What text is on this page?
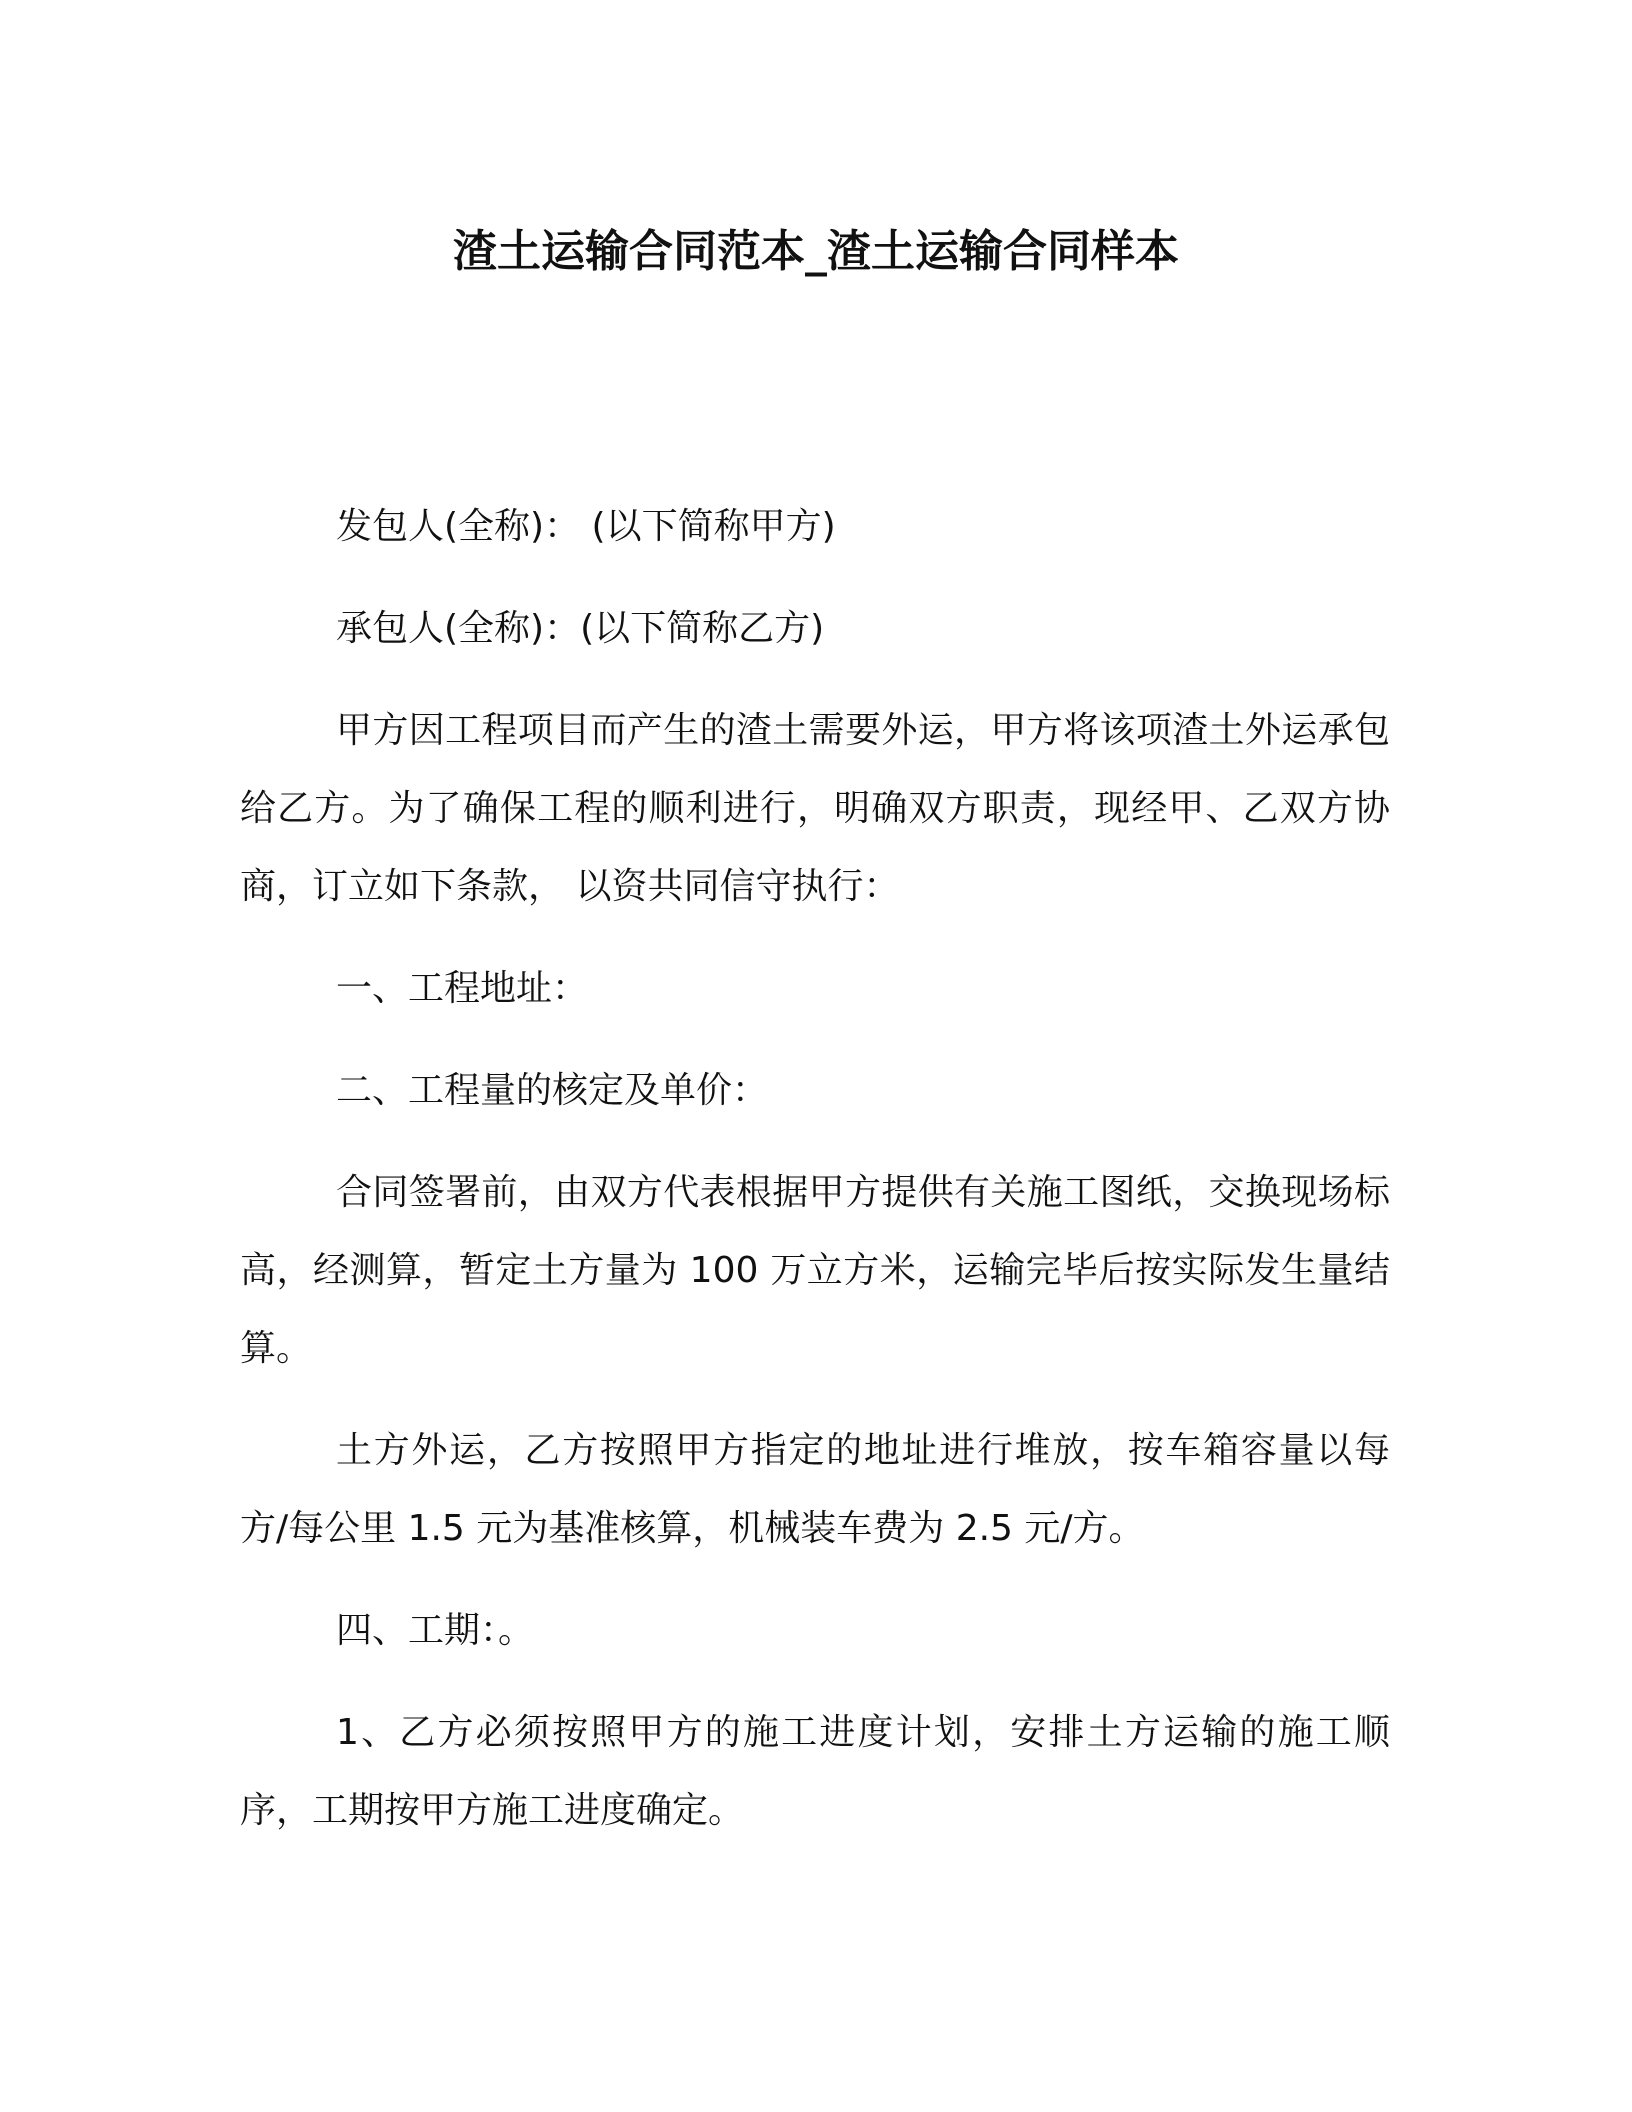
渣土运输合同范本_渣土运输合同样本

发包人(全称)： (以下简称甲方)

承包人(全称)：(以下简称乙方)

甲方因工程项目而产生的渣土需要外运，甲方将该项渣土外运承包给乙方。为了确保工程的顺利进行，明确双方职责，现经甲、乙双方协商，订立如下条款， 以资共同信守执行：

一、工程地址：

二、工程量的核定及单价：

合同签署前，由双方代表根据甲方提供有关施工图纸，交换现场标高，经测算，暂定土方量为 100 万立方米，运输完毕后按实际发生量结算。

土方外运，乙方按照甲方指定的地址进行堆放，按车箱容量以每方/每公里 1.5 元为基准核算，机械装车费为 2.5 元/方。

四、工期：。

1、乙方必须按照甲方的施工进度计划，安排土方运输的施工顺序，工期按甲方施工进度确定。
